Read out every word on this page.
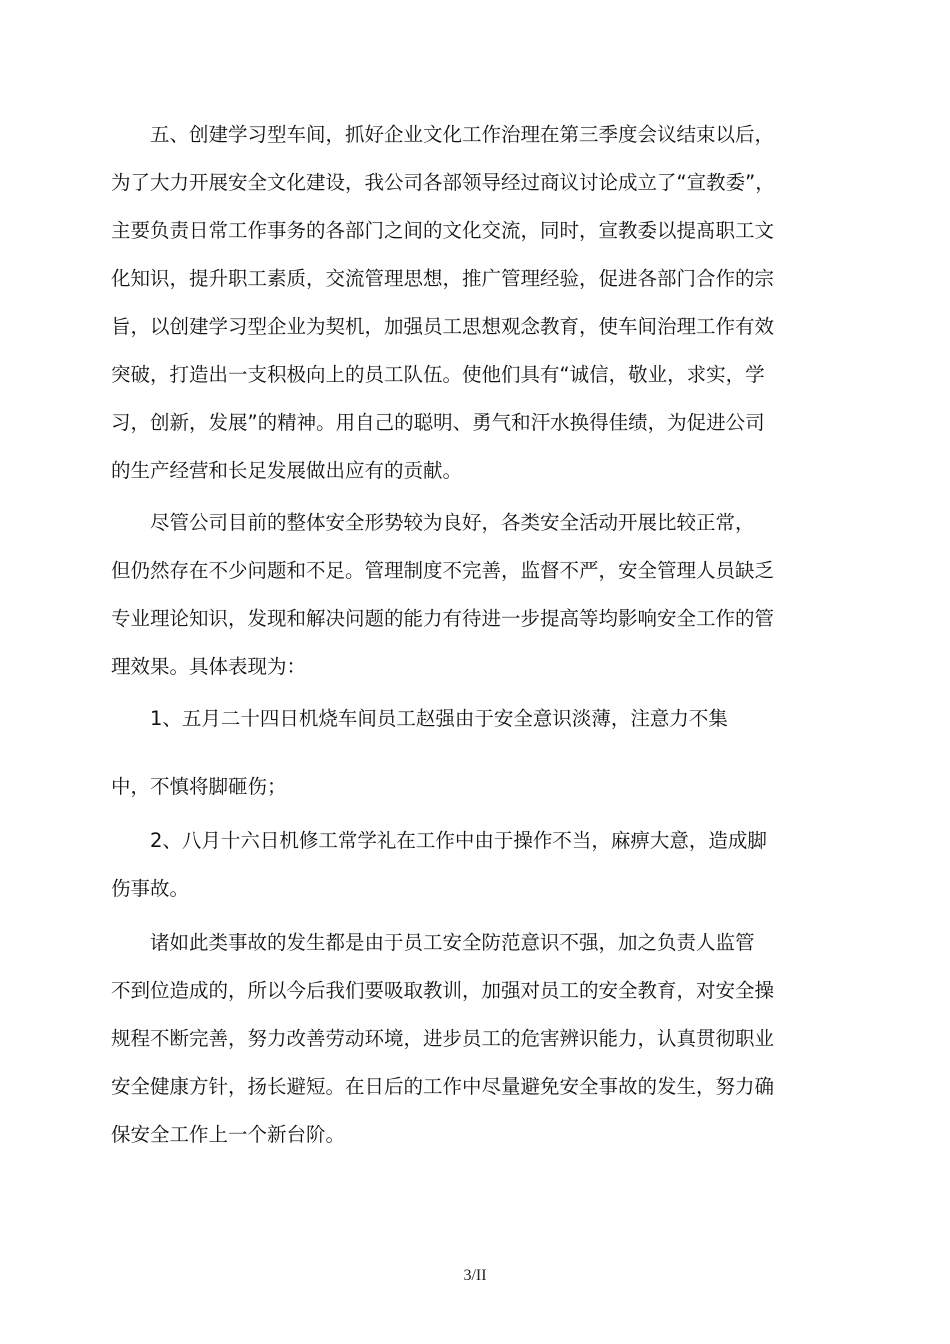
五、创建学习型车间，抓好企业文化工作治理在第三季度会议结束以后，

为了大力开展安全文化建设，我公司各部领导经过商议讨论成立了“宣教委”，

主要负责日常工作事务的各部门之间的文化交流，同时，宣教委以提髙职工文

化知识，提升职工素质，交流管理思想，推广管理经验，促进各部门合作的宗

旨，以创建学习型企业为契机，加强员工思想观念教育，使车间治理工作有效

突破，打造出一支积极向上的员工队伍。使他们具有“诚信，敬业，求实，学

习，创新，发展”的精神。用自己的聪明、勇气和汗水换得佳绩，为促进公司

的生产经营和长足发展做出应有的贡献。

尽管公司目前的整体安全形势较为良好，各类安全活动开展比较正常，

但仍然存在不少问题和不足。管理制度不完善，监督不严，安全管理人员缺乏

专业理论知识，发现和解决问题的能力有待进一步提高等均影响安全工作的管

理效果。具体表现为：

1、五月二十四日机烧车间员工赵强由于安全意识淡薄，注意力不集

中，不慎将脚砸伤；

2、八月十六日机修工常学礼在工作中由于操作不当，麻痹大意，造成脚

伤事故。

诸如此类事故的发生都是由于员工安全防范意识不强，加之负责人监管

不到位造成的，所以今后我们要吸取教训，加强对员工的安全教育，对安全操

规程不断完善，努力改善劳动环境，进步员工的危害辨识能力，认真贯彻职业

安全健康方针，扬长避短。在日后的工作中尽量避免安全事故的发生，努力确

保安全工作上一个新台阶。

3/II
